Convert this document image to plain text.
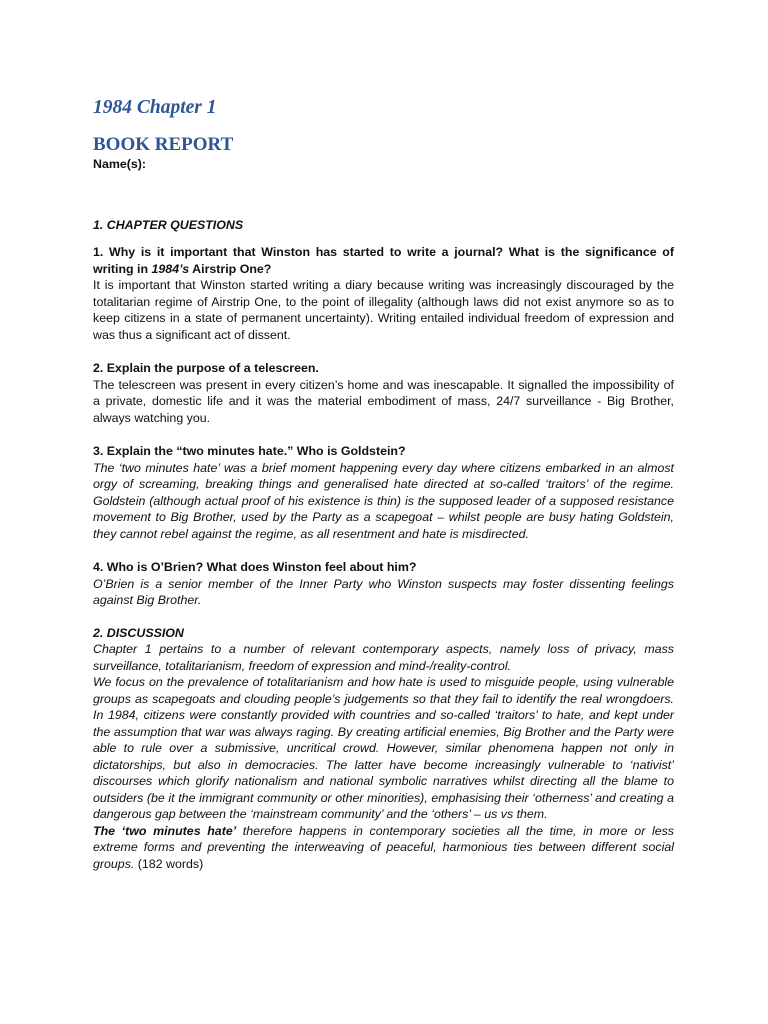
1984 Chapter 1
BOOK REPORT

Name(s):

1. CHAPTER QUESTIONS

1. Why is it important that Winston has started to write a journal? What is the significance of writing in 1984’s Airstrip One?

It is important that Winston started writing a diary because writing was increasingly discouraged by the totalitarian regime of Airstrip One, to the point of illegality (although laws did not exist anymore so as to keep citizens in a state of permanent uncertainty). Writing entailed individual freedom of expression and was thus a significant act of dissent.

2. Explain the purpose of a telescreen.

The telescreen was present in every citizen’s home and was inescapable. It signalled the impossibility of a private, domestic life and it was the material embodiment of mass, 24/7 surveillance - Big Brother, always watching you.

3. Explain the “two minutes hate.” Who is Goldstein?

The ‘two minutes hate’ was a brief moment happening every day where citizens embarked in an almost orgy of screaming, breaking things and generalised hate directed at so-called ‘traitors’ of the regime. Goldstein (although actual proof of his existence is thin) is the supposed leader of a supposed resistance movement to Big Brother, used by the Party as a scapegoat – whilst people are busy hating Goldstein, they cannot rebel against the regime, as all resentment and hate is misdirected.

4. Who is O’Brien? What does Winston feel about him?

O’Brien is a senior member of the Inner Party who Winston suspects may foster dissenting feelings against Big Brother.

2. DISCUSSION

Chapter 1 pertains to a number of relevant contemporary aspects, namely loss of privacy, mass surveillance, totalitarianism, freedom of expression and mind-/reality-control.

We focus on the prevalence of totalitarianism and how hate is used to misguide people, using vulnerable groups as scapegoats and clouding people’s judgements so that they fail to identify the real wrongdoers. In 1984, citizens were constantly provided with countries and so-called ‘traitors’ to hate, and kept under the assumption that war was always raging. By creating artificial enemies, Big Brother and the Party were able to rule over a submissive, uncritical crowd. However, similar phenomena happen not only in dictatorships, but also in democracies. The latter have become increasingly vulnerable to ‘nativist’ discourses which glorify nationalism and national symbolic narratives whilst directing all the blame to outsiders (be it the immigrant community or other minorities), emphasising their ‘otherness’ and creating a dangerous gap between the ‘mainstream community’ and the ‘others’ – us vs them.

The ‘two minutes hate’ therefore happens in contemporary societies all the time, in more or less extreme forms and preventing the interweaving of peaceful, harmonious ties between different social groups. (182 words)
